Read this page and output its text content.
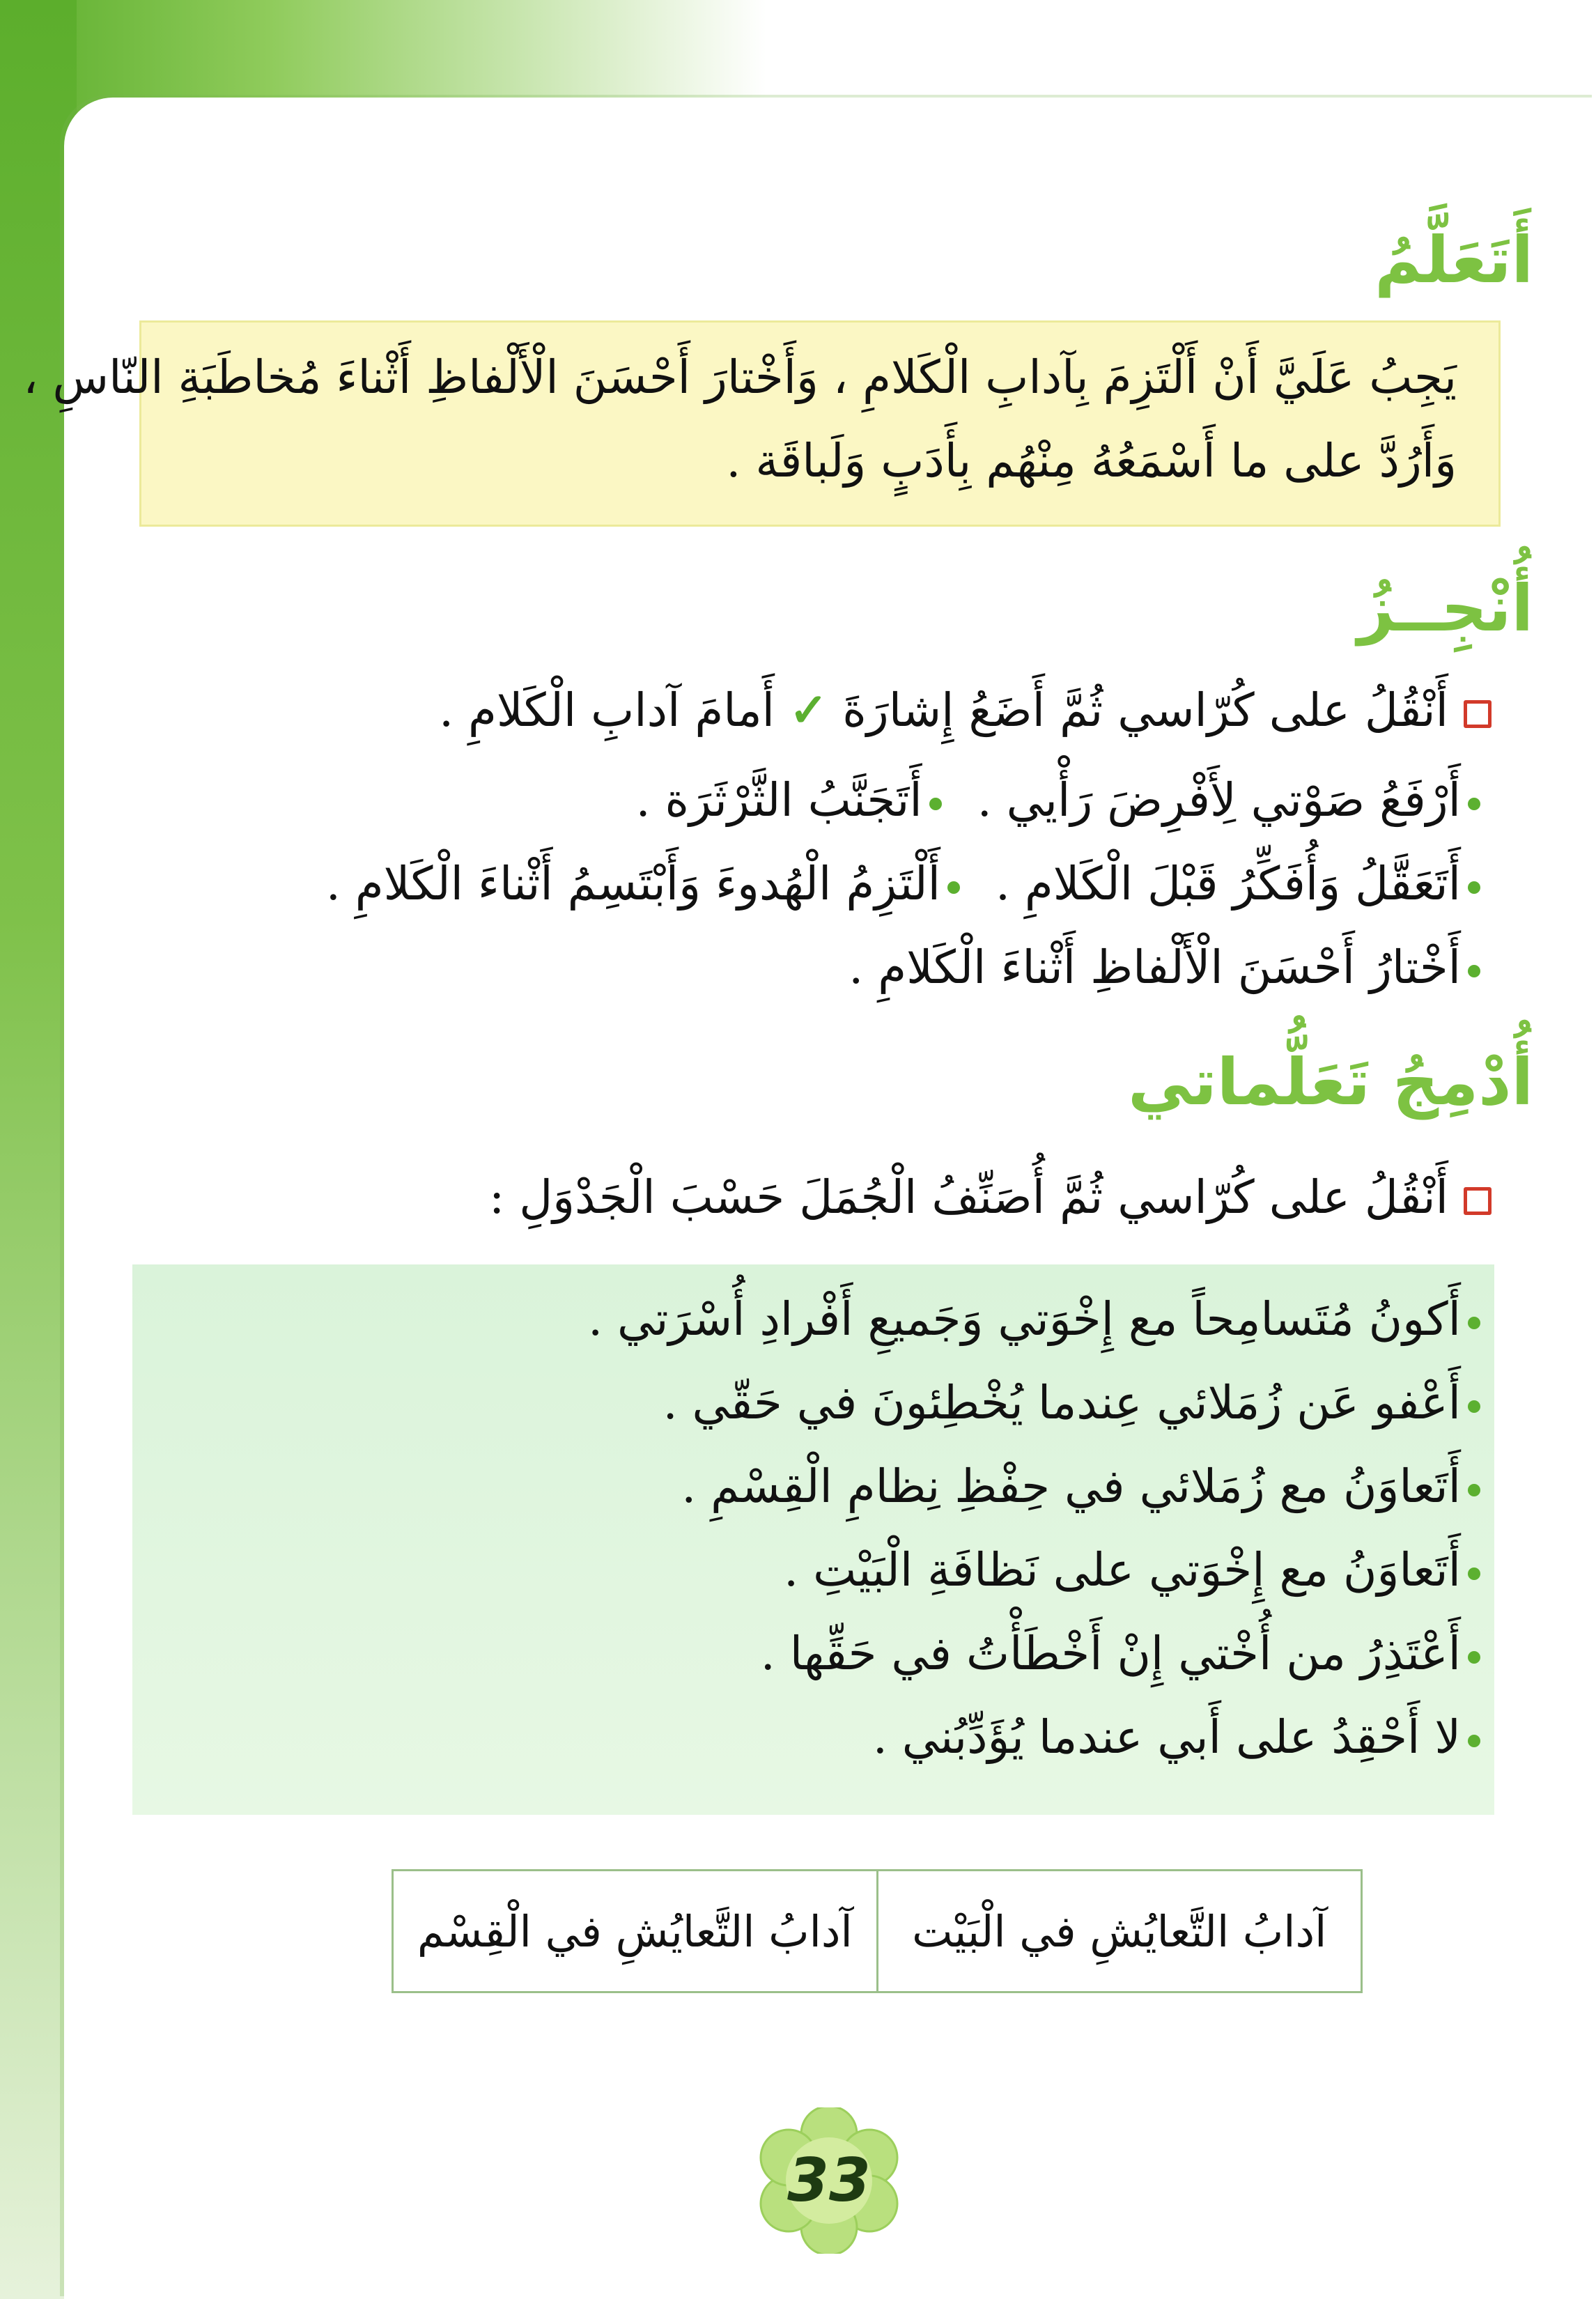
أَتَعَلَّمُ
يَجِبُ عَلَيَّ أَنْ أَلْتَزِمَ بِآدابِ الْكَلامِ ، وَأَخْتارَ أَحْسَنَ الْأَلْفاظِ أَثْناءَ مُخاطَبَةِ النّاسِ ،
وَأَرُدَّ على ما أَسْمَعُهُ مِنْهُم بِأَدَبٍ وَلَباقَة .
أُنْجِــزُ
أَنْقُلُ على كُرّاسي ثُمَّ أَضَعُ إِشارَةَ ✓ أَمامَ آدابِ الْكَلامِ .
أَرْفَعُ صَوْتي لِأَفْرِضَ رَأْيي . أَتَجَنَّبُ الثَّرْثَرَة .
أَتَعَقَّلُ وَأُفَكِّرُ قَبْلَ الْكَلامِ . أَلْتَزِمُ الْهُدوءَ وَأَبْتَسِمُ أَثْناءَ الْكَلامِ .
أَخْتارُ أَحْسَنَ الْأَلْفاظِ أَثْناءَ الْكَلامِ .
أُدْمِجُ تَعَلُّماتي
أَنْقُلُ على كُرّاسي ثُمَّ أُصَنِّفُ الْجُمَلَ حَسْبَ الْجَدْوَلِ :
أَكونُ مُتَسامِحاً مع إِخْوَتي وَجَميعِ أَفْرادِ أُسْرَتي .
أَعْفو عَن زُمَلائي عِندما يُخْطِئونَ في حَقّي .
أَتَعاوَنُ مع زُمَلائي في حِفْظِ نِظامِ الْقِسْمِ .
أَتَعاوَنُ مع إِخْوَتي على نَظافَةِ الْبَيْتِ .
أَعْتَذِرُ من أُخْتي إِنْ أَخْطَأْتُ في حَقِّها .
لا أَحْقِدُ على أَبي عندما يُؤَدِّبُني .
آدابُ التَّعايُشِ في الْبَيْت
آدابُ التَّعايُشِ في الْقِسْم
33
